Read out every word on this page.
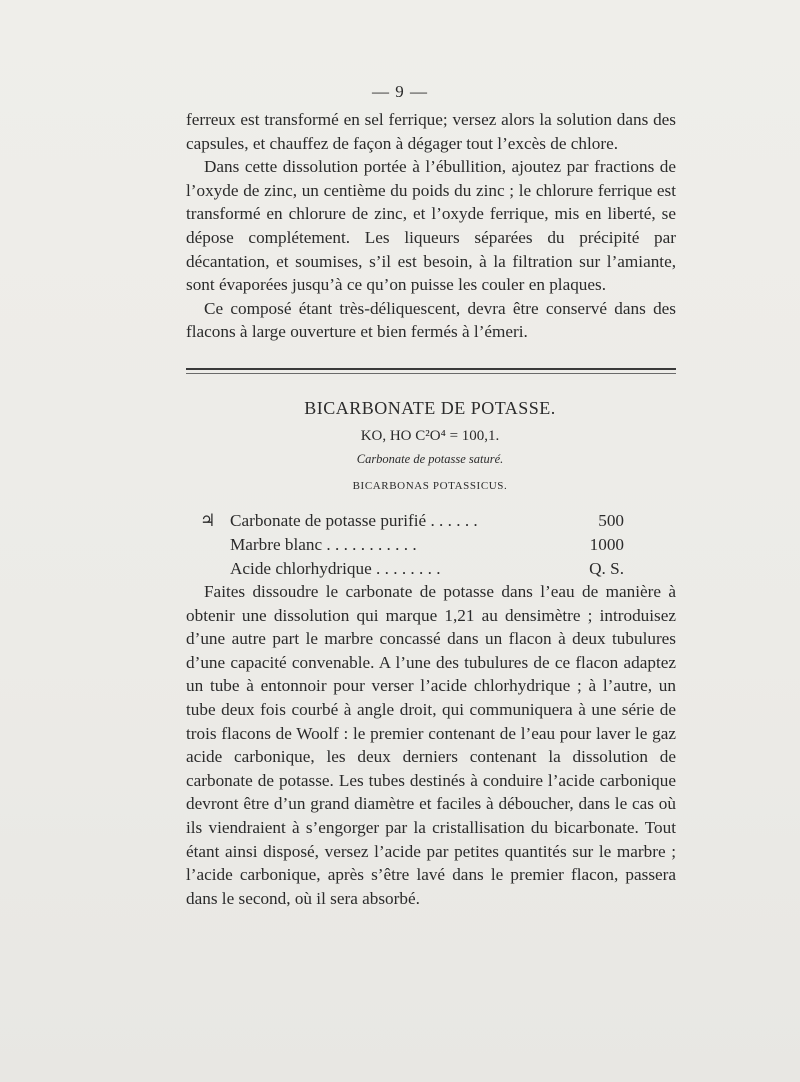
— 9 —

ferreux est transformé en sel ferrique; versez alors la solution dans des capsules, et chauffez de façon à dégager tout l’excès de chlore.

Dans cette dissolution portée à l’ébullition, ajoutez par fractions de l’oxyde de zinc, un centième du poids du zinc ; le chlorure ferrique est transformé en chlorure de zinc, et l’oxyde ferrique, mis en liberté, se dépose complétement. Les liqueurs séparées du précipité par décantation, et soumises, s’il est besoin, à la filtration sur l’amiante, sont évaporées jusqu’à ce qu’on puisse les couler en plaques.

Ce composé étant très-déliquescent, devra être conservé dans des flacons à large ouverture et bien fermés à l’émeri.

BICARBONATE DE POTASSE.
KO, HO C²O⁴ = 100,1.
Carbonate de potasse saturé.
BICARBONAS POTASSICUS.
♃ Carbonate de potasse purifié . . . . . .	500
Marbre blanc . . . . . . . . . . .	1000
Acide chlorhydrique . . . . . . . .	Q. S.

Faites dissoudre le carbonate de potasse dans l’eau de manière à obtenir une dissolution qui marque 1,21 au densimètre ; introduisez d’une autre part le marbre concassé dans un flacon à deux tubulures d’une capacité convenable. A l’une des tubulures de ce flacon adaptez un tube à entonnoir pour verser l’acide chlorhydrique ; à l’autre, un tube deux fois courbé à angle droit, qui communiquera à une série de trois flacons de Woolf : le premier contenant de l’eau pour laver le gaz acide carbonique, les deux derniers contenant la dissolution de carbonate de potasse. Les tubes destinés à conduire l’acide carbonique devront être d’un grand diamètre et faciles à déboucher, dans le cas où ils viendraient à s’engorger par la cristallisation du bicarbonate. Tout étant ainsi disposé, versez l’acide par petites quantités sur le marbre ; l’acide carbonique, après s’être lavé dans le premier flacon, passera dans le second, où il sera absorbé.
